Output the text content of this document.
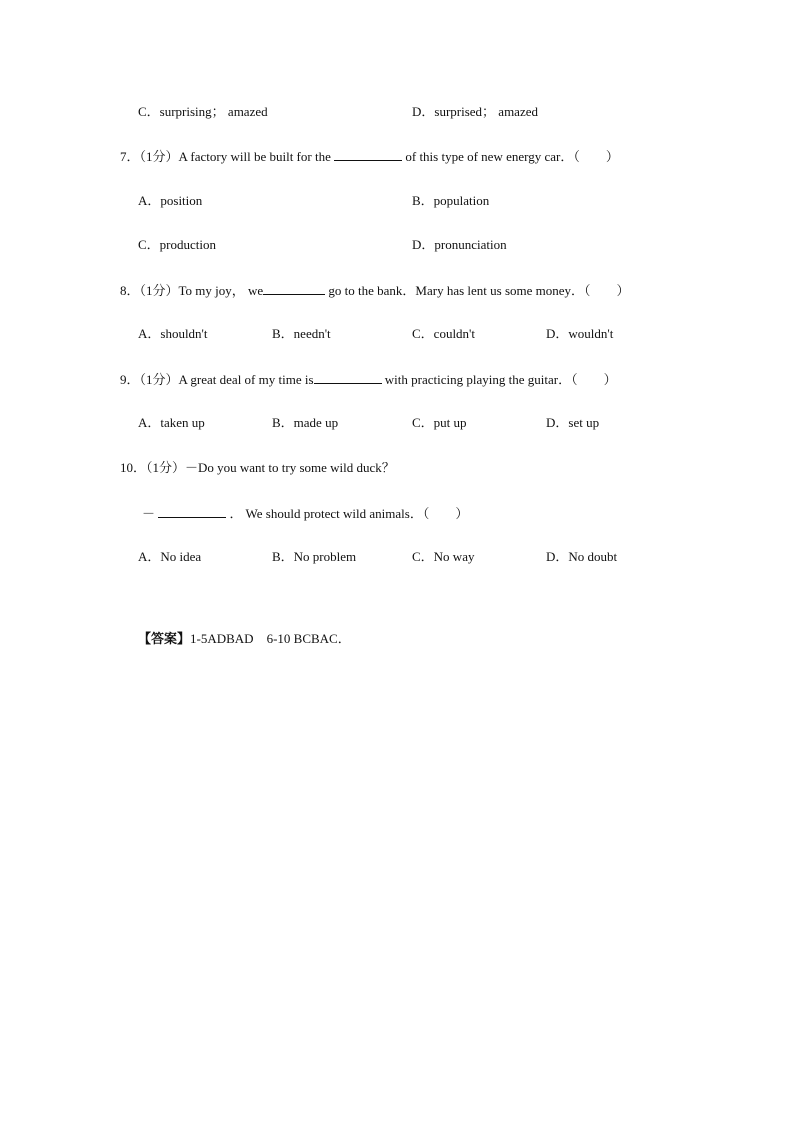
C．surprising； amazed	D．surprised； amazed
7．（1分）A factory will be built for the	of this type of new energy car．（　　）
A．position	B．population
C．production	D．pronunciation
8．（1分）To my joy， we	go to the bank．Mary has lent us some money．（　　）
A．shouldn't	B．needn't	C．couldn't	D．wouldn't
9．（1分）A great deal of my time is	with practicing playing the guitar．（　　）
A．taken up	B．made up	C．put up	D．set up
10．（1分）－Do you want to try some wild duck？
－	． We should protect wild animals．（　　）
A．No idea	B．No problem	C．No way	D．No doubt
【答案】1-5ADBAD　6-10 BCBAC．
